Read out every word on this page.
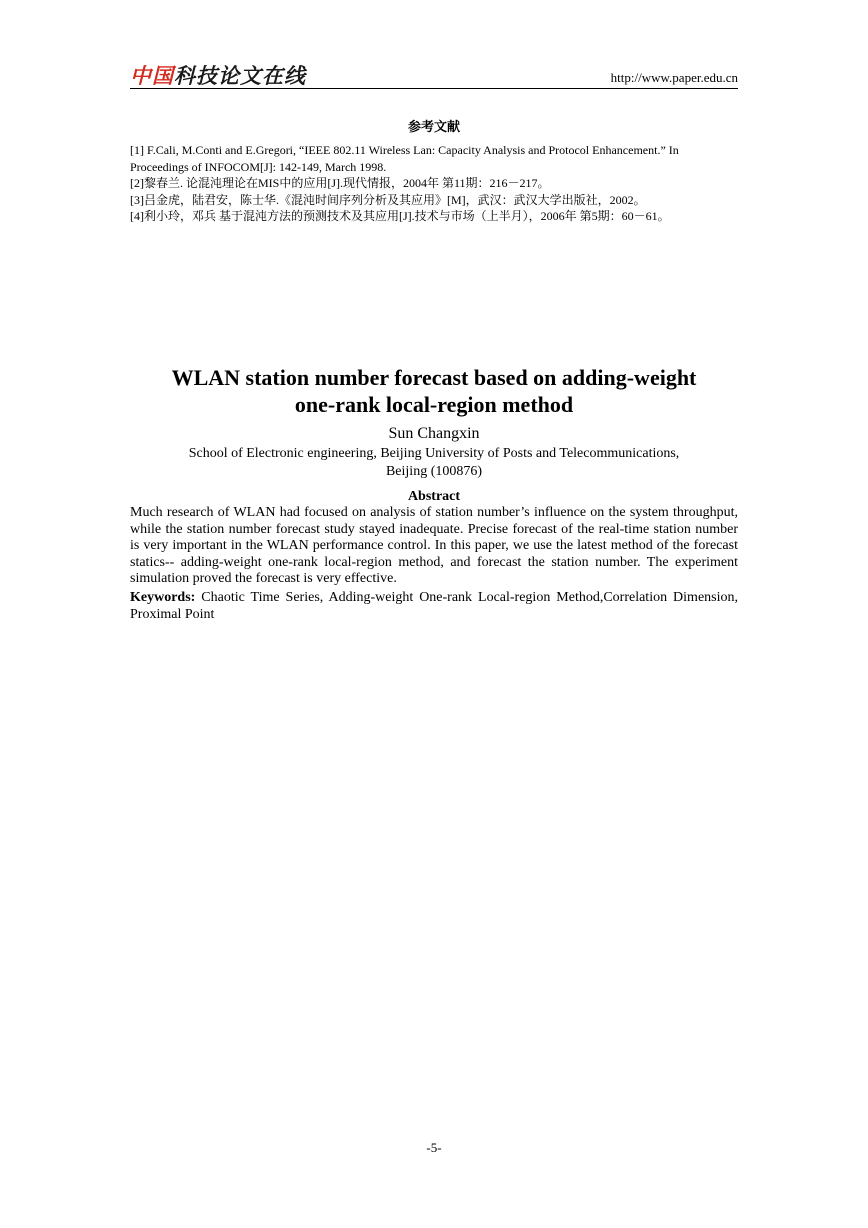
中国科技论文在线	http://www.paper.edu.cn
参考文献
[1] F.Cali, M.Conti and E.Gregori, “IEEE 802.11 Wireless Lan: Capacity Analysis and Protocol Enhancement.” In Proceedings of INFOCOM[J]: 142-149, March 1998.
[2]黎春兰. 论混沌理论在MIS中的应用[J].现代情报，2004年 第11期：216－217。
[3]吕金虎，陆君安，陈士华.《混沌时间序列分析及其应用》[M]，武汉：武汉大学出版社，2002。
[4]利小玲，邓兵 基于混沌方法的预测技术及其应用[J].技术与市场（上半月），2006年 第5期：60－61。
WLAN station number forecast based on adding-weight
one-rank local-region method
Sun Changxin
School of Electronic engineering, Beijing University of Posts and Telecommunications,
Beijing (100876)
Abstract
Much research of WLAN had focused on analysis of station number’s influence on the system throughput, while the station number forecast study stayed inadequate. Precise forecast of the real-time station number is very important in the WLAN performance control. In this paper, we use the latest method of the forecast statics-- adding-weight one-rank local-region method, and forecast the station number. The experiment simulation proved the forecast is very effective.
Keywords: Chaotic Time Series, Adding-weight One-rank Local-region Method,Correlation Dimension, Proximal Point
-5-
